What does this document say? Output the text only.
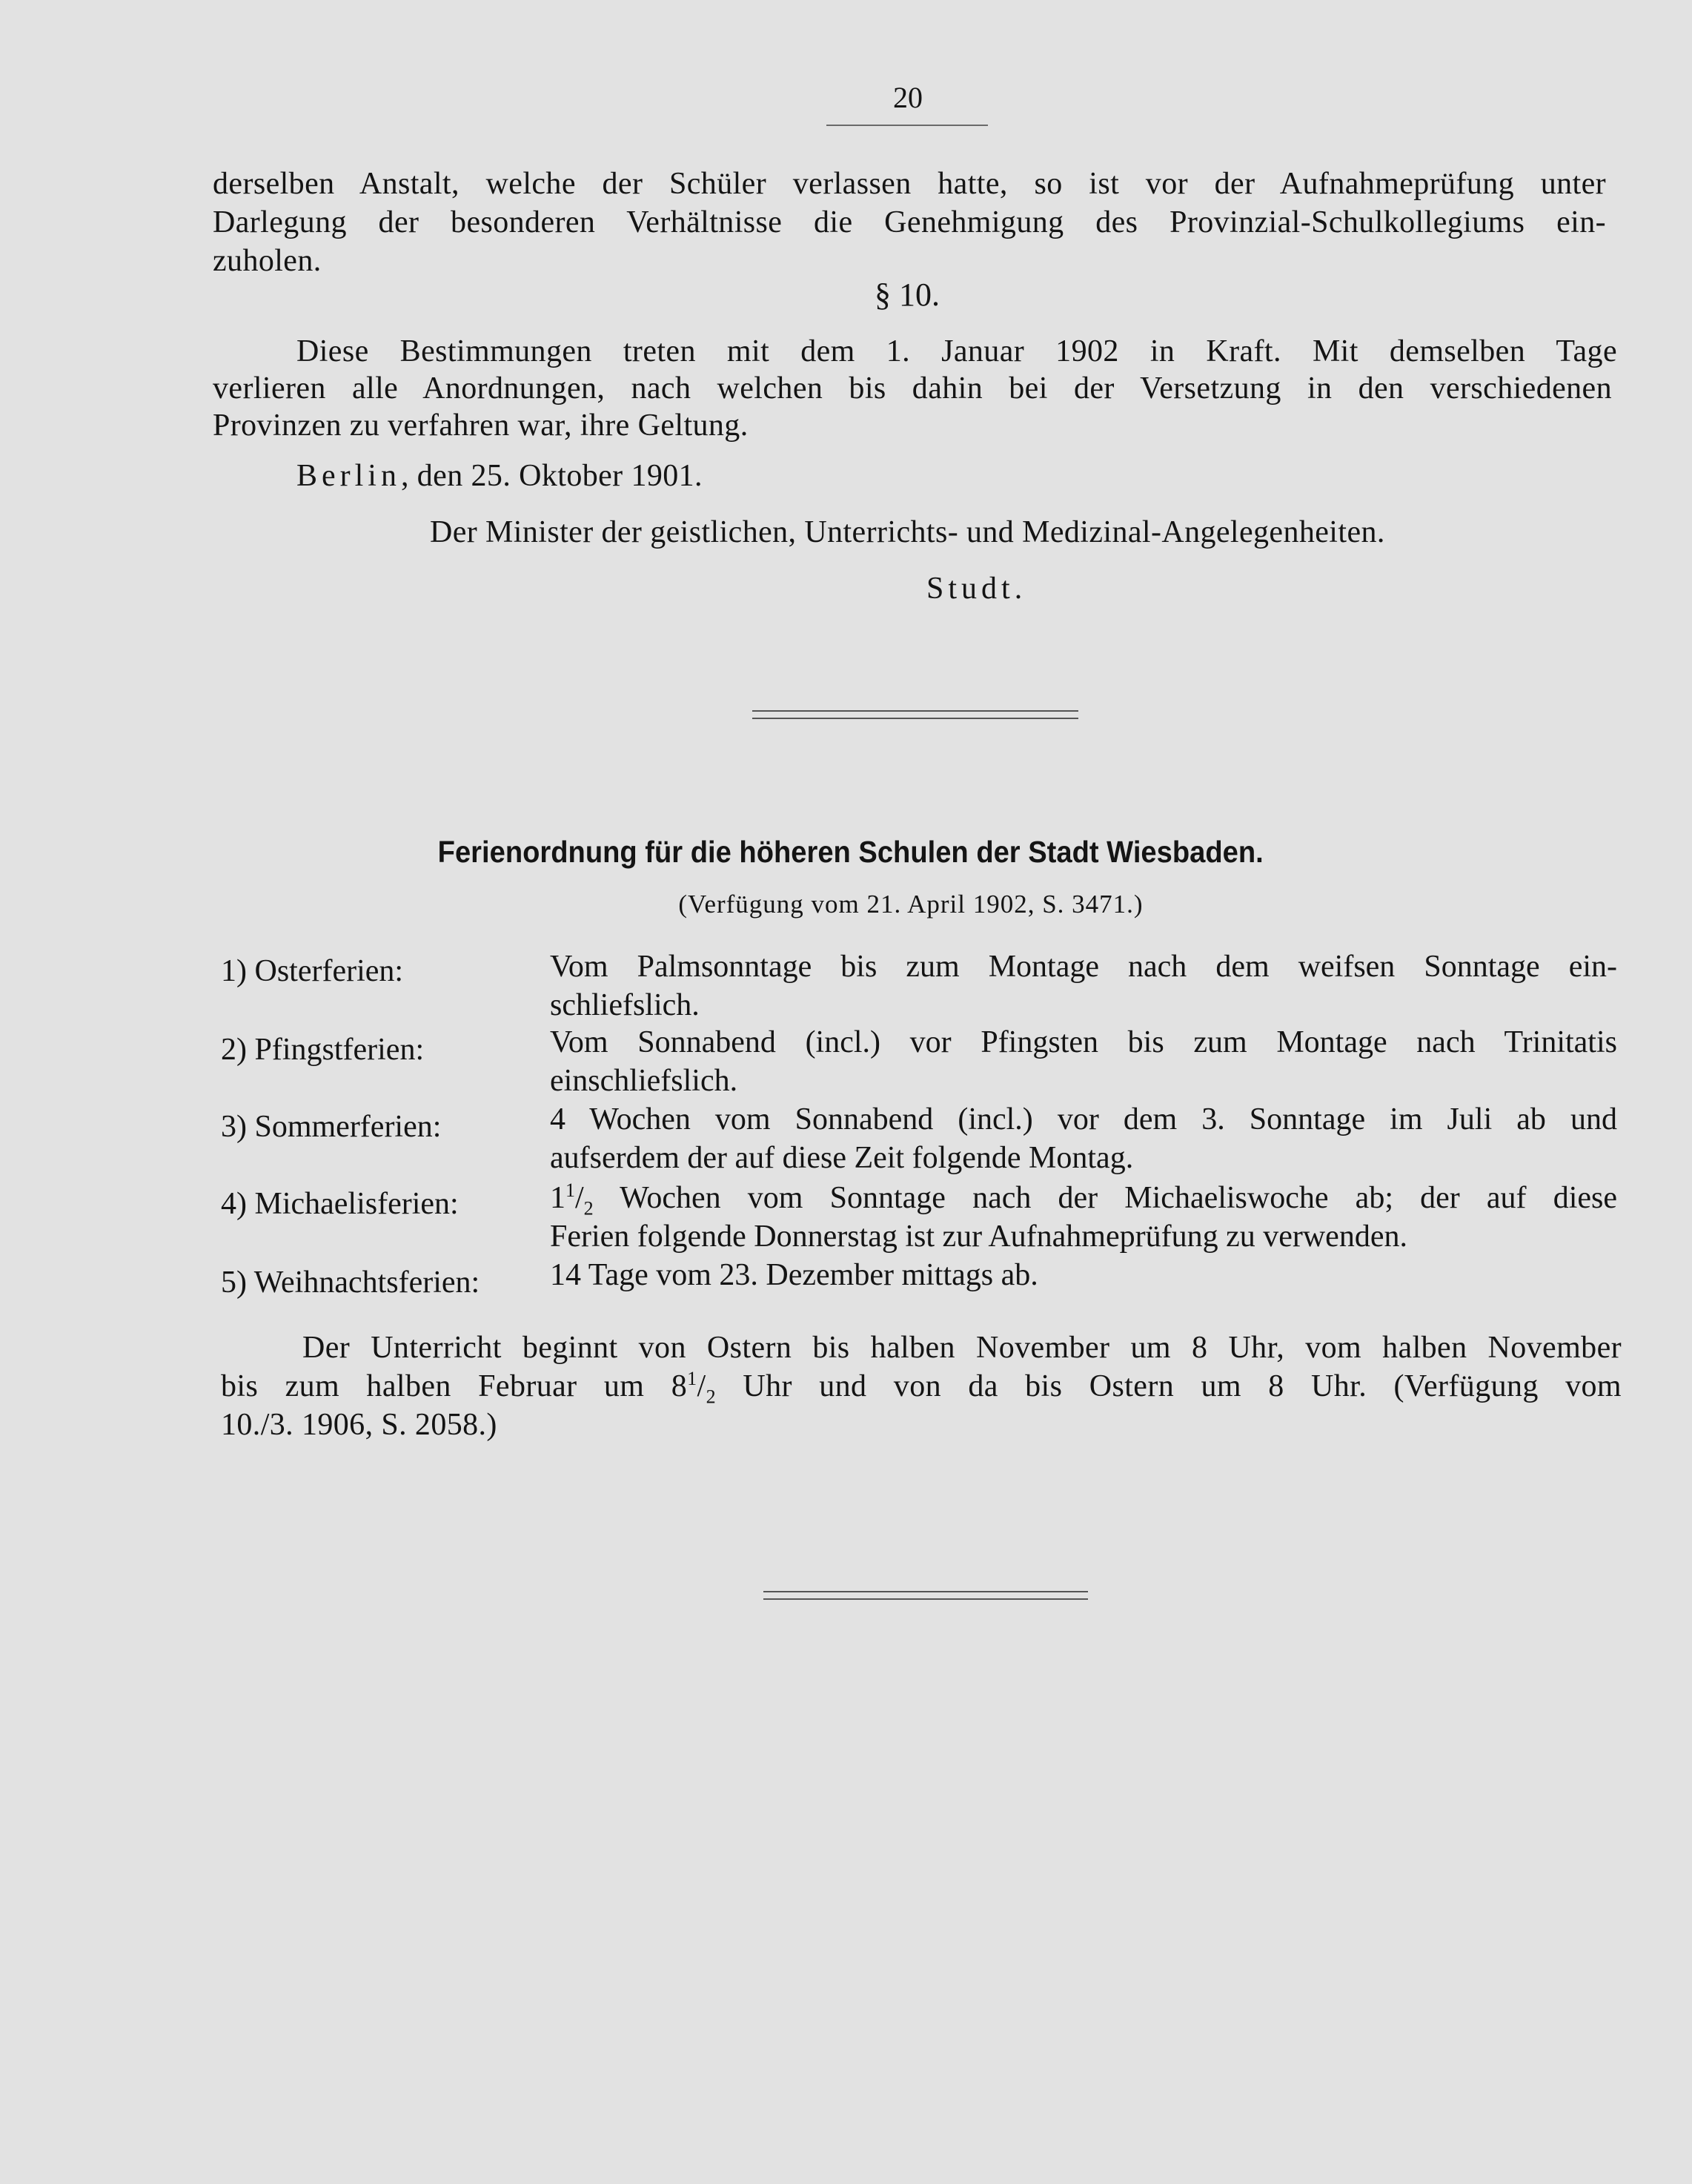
20
derselben Anstalt, welche der Schüler verlassen hatte, so ist vor der Aufnahmeprüfung unter
Darlegung der besonderen Verhältnisse die Genehmigung des Provinzial-Schulkollegiums ein-
zuholen.
§ 10.
Diese Bestimmungen treten mit dem 1. Januar 1902 in Kraft. Mit demselben Tage
verlieren alle Anordnungen, nach welchen bis dahin bei der Versetzung in den verschiedenen
Provinzen zu verfahren war, ihre Geltung.
Berlin, den 25. Oktober 1901.
Der Minister der geistlichen, Unterrichts- und Medizinal-Angelegenheiten.
Studt.
Ferienordnung für die höheren Schulen der Stadt Wiesbaden.
(Verfügung vom 21. April 1902, S. 3471.)
1) Osterferien:	Vom Palmsonntage bis zum Montage nach dem weifsen Sonntage ein-
schliefslich.
2) Pfingstferien:	Vom Sonnabend (incl.) vor Pfingsten bis zum Montage nach Trinitatis
einschliefslich.
3) Sommerferien:	4 Wochen vom Sonnabend (incl.) vor dem 3. Sonntage im Juli ab und
aufserdem der auf diese Zeit folgende Montag.
4) Michaelisferien:	$1^1/_2$ Wochen vom Sonntage nach der Michaeliswoche ab; der auf diese
Ferien folgende Donnerstag ist zur Aufnahmeprüfung zu verwenden.
5) Weihnachtsferien: 14 Tage vom 23. Dezember mittags ab.
Der Unterricht beginnt von Ostern bis halben November um 8 Uhr, vom halben November
bis zum halben Februar um $8^1/_2$ Uhr und von da bis Ostern um 8 Uhr. (Verfügung vom
10./3. 1906, S. 2058.)
